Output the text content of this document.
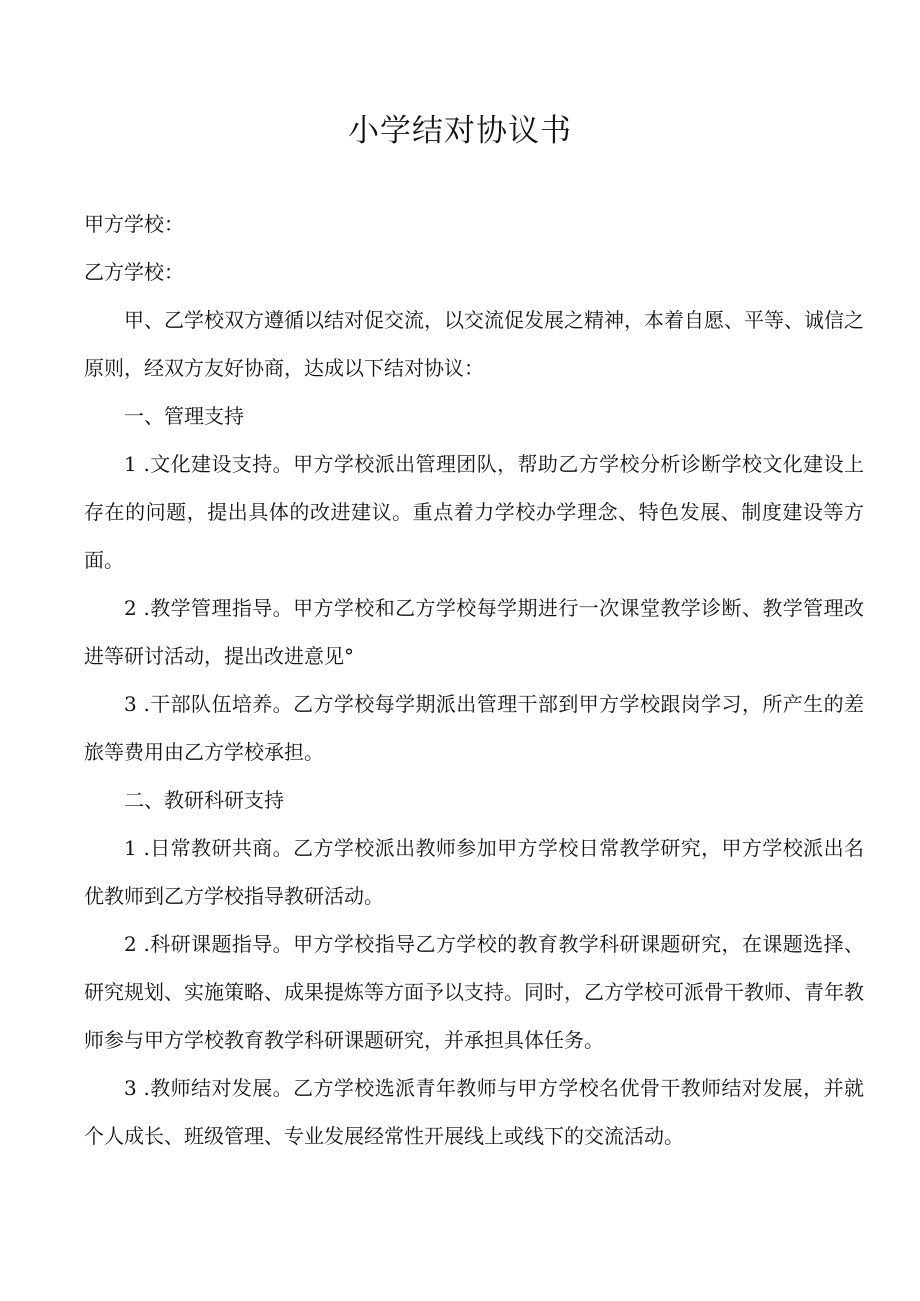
小学结对协议书

甲方学校：

乙方学校：

甲、乙学校双方遵循以结对促交流，以交流促发展之精神，本着自愿、平等、诚信之原则，经双方友好协商，达成以下结对协议：

一、管理支持

1 .文化建设支持。甲方学校派出管理团队，帮助乙方学校分析诊断学校文化建设上存在的问题，提出具体的改进建议。重点着力学校办学理念、特色发展、制度建设等方面。

2 .教学管理指导。甲方学校和乙方学校每学期进行一次课堂教学诊断、教学管理改进等研讨活动，提出改进意见°

3 .干部队伍培养。乙方学校每学期派出管理干部到甲方学校跟岗学习，所产生的差旅等费用由乙方学校承担。

二、教研科研支持

1 .日常教研共商。乙方学校派出教师参加甲方学校日常教学研究，甲方学校派出名优教师到乙方学校指导教研活动。

2 .科研课题指导。甲方学校指导乙方学校的教育教学科研课题研究，在课题选择、研究规划、实施策略、成果提炼等方面予以支持。同时，乙方学校可派骨干教师、青年教师参与甲方学校教育教学科研课题研究，并承担具体任务。

3 .教师结对发展。乙方学校选派青年教师与甲方学校名优骨干教师结对发展，并就个人成长、班级管理、专业发展经常性开展线上或线下的交流活动。
